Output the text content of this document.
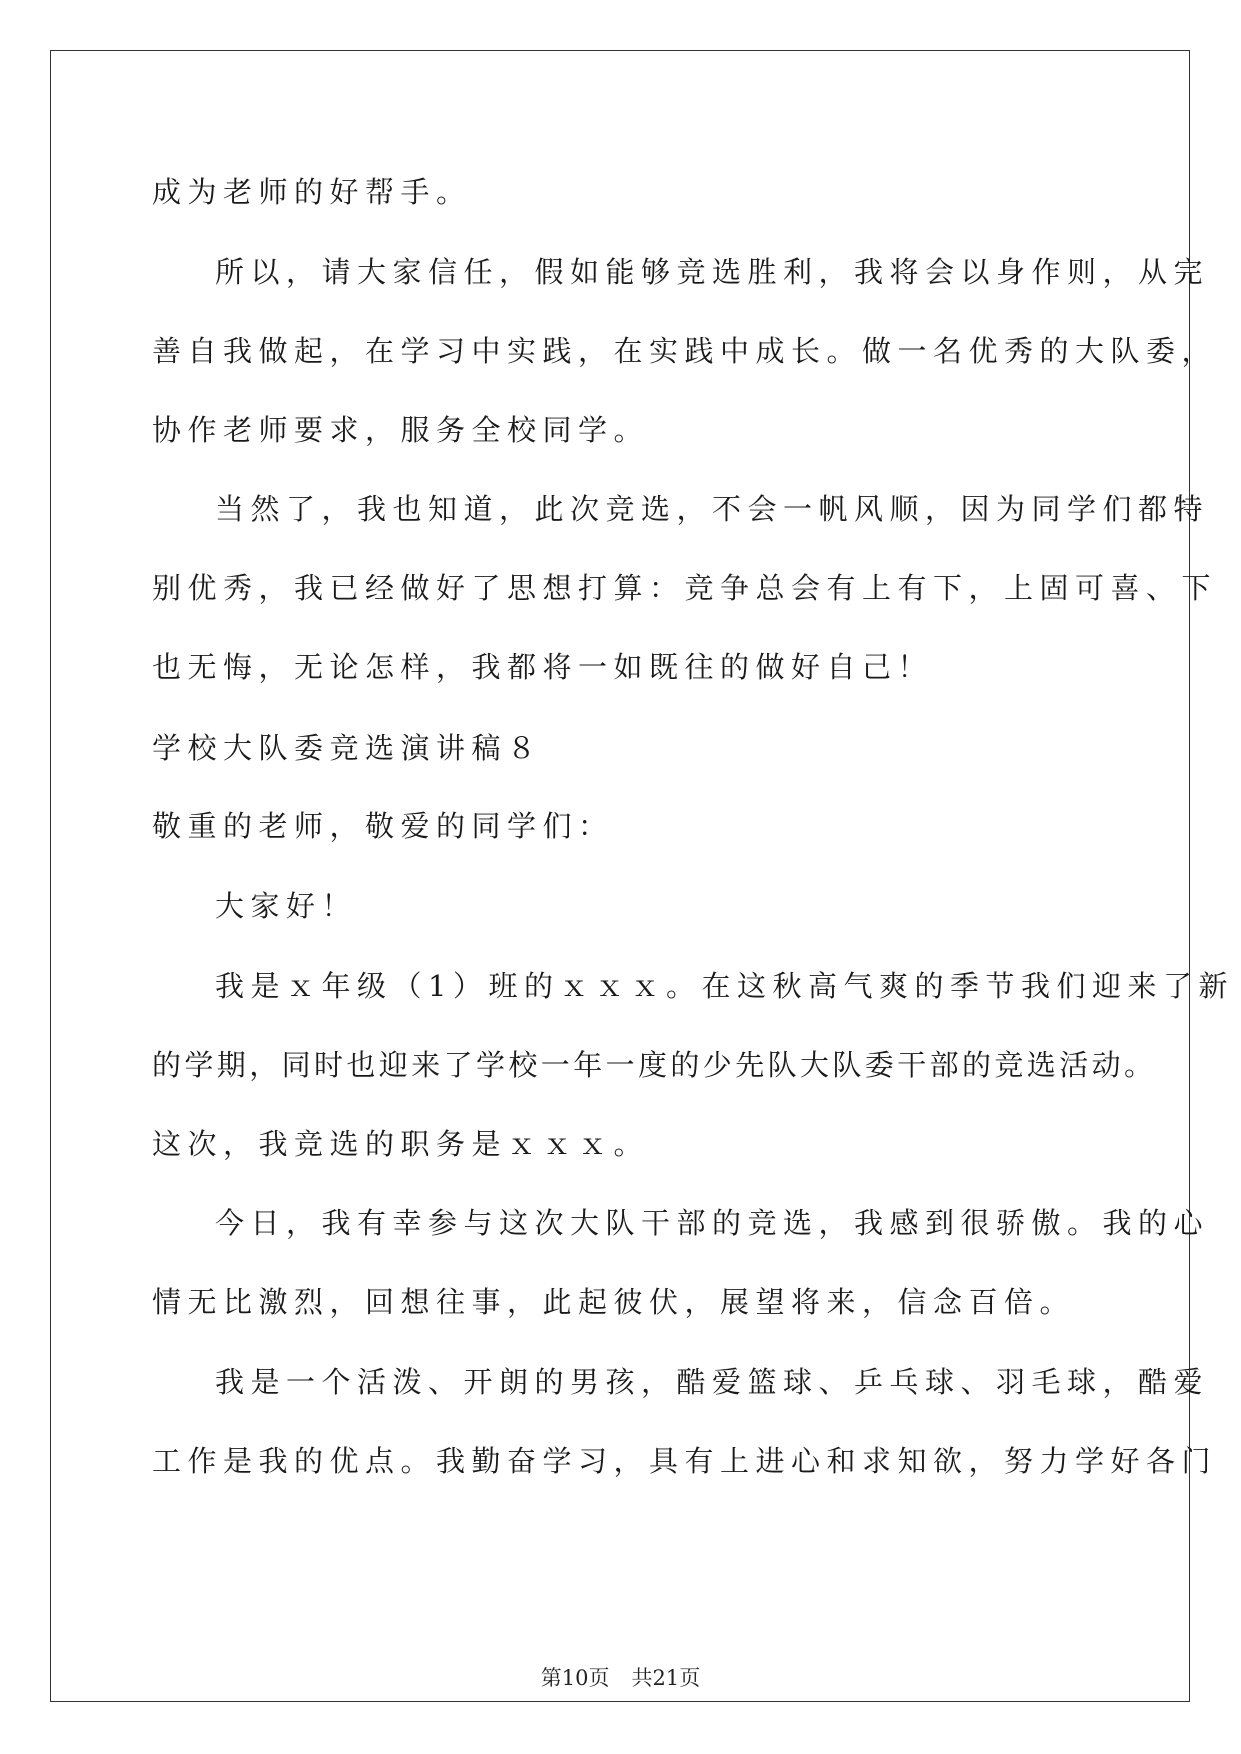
成为老师的好帮手。
所以，请大家信任，假如能够竞选胜利，我将会以身作则，从完
善自我做起，在学习中实践，在实践中成长。做一名优秀的大队委，
协作老师要求，服务全校同学。
当然了，我也知道，此次竞选，不会一帆风顺，因为同学们都特
别优秀，我已经做好了思想打算：竞争总会有上有下，上固可喜、下
也无悔，无论怎样，我都将一如既往的做好自己！
学校大队委竞选演讲稿８
敬重的老师，敬爱的同学们：
大家好！
我是ｘ年级（1）班的ｘｘｘ。在这秋高气爽的季节我们迎来了新
的学期，同时也迎来了学校一年一度的少先队大队委干部的竞选活动。
这次，我竞选的职务是ｘｘｘ。
今日，我有幸参与这次大队干部的竞选，我感到很骄傲。我的心
情无比激烈，回想往事，此起彼伏，展望将来，信念百倍。
我是一个活泼、开朗的男孩，酷爱篮球、乒乓球、羽毛球，酷爱
工作是我的优点。我勤奋学习，具有上进心和求知欲，努力学好各门
第10页 共21页
